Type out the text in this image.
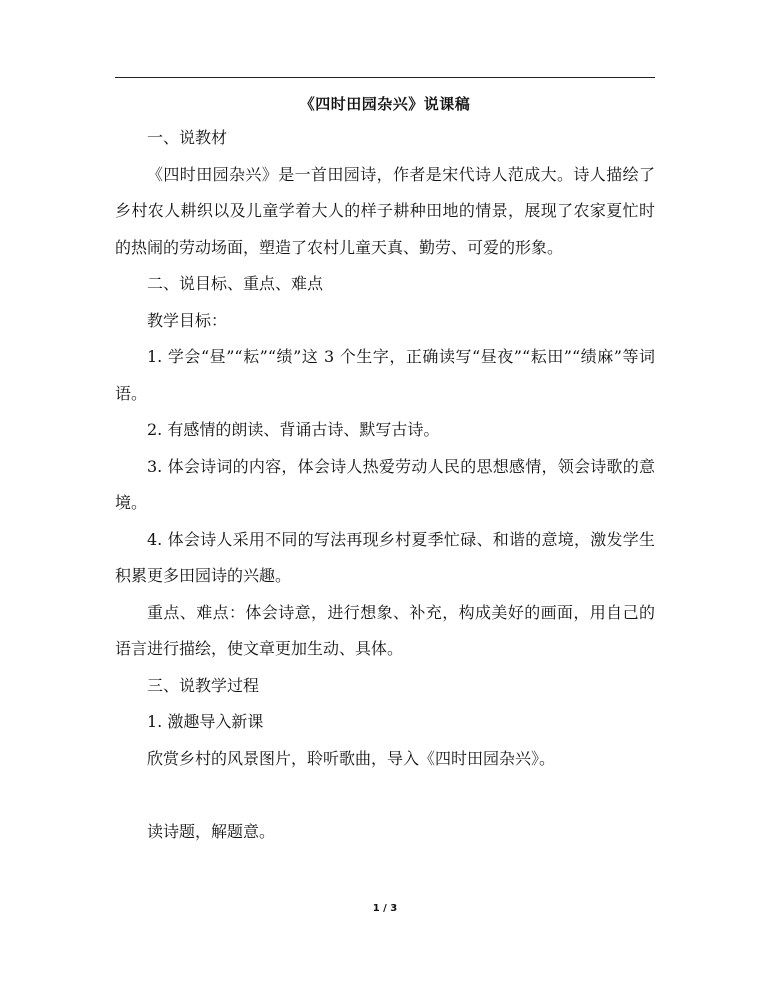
《四时田园杂兴》说课稿

一、说教材

《四时田园杂兴》是一首田园诗，作者是宋代诗人范成大。诗人描绘了乡村农人耕织以及儿童学着大人的样子耕种田地的情景，展现了农家夏忙时的热闹的劳动场面，塑造了农村儿童天真、勤劳、可爱的形象。

二、说目标、重点、难点

教学目标：

1. 学会“昼”“耘”“绩”这 3 个生字，正确读写“昼夜”“耘田”“绩麻”等词语。

2. 有感情的朗读、背诵古诗、默写古诗。

3. 体会诗词的内容，体会诗人热爱劳动人民的思想感情，领会诗歌的意境。

4. 体会诗人采用不同的写法再现乡村夏季忙碌、和谐的意境，激发学生积累更多田园诗的兴趣。

重点、难点：体会诗意，进行想象、补充，构成美好的画面，用自己的语言进行描绘，使文章更加生动、具体。

三、说教学过程

1. 激趣导入新课

欣赏乡村的风景图片，聆听歌曲，导入《四时田园杂兴》。

读诗题，解题意。

1 / 3
